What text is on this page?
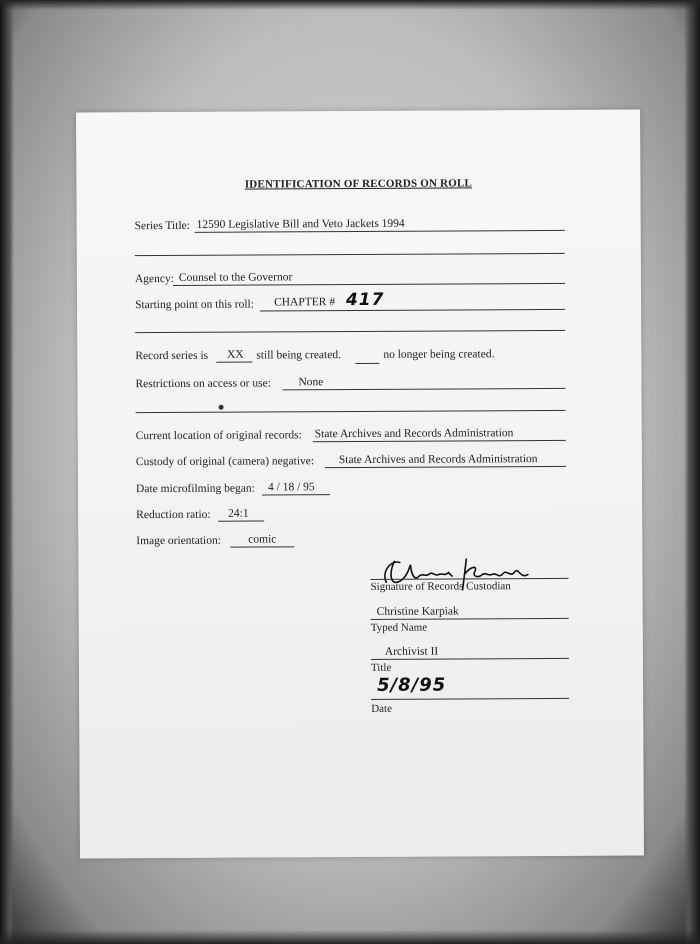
IDENTIFICATION OF RECORDS ON ROLL
Series Title: 12590 Legislative Bill and Veto Jackets 1994
Agency: Counsel to the Governor
Starting point on this roll:	CHAPTER # 417
Record series is	XX	still being created.	no longer being created.
Restrictions on access or use:	None
Current location of original records: State Archives and Records Administration
Custody of original (camera) negative:	State Archives and Records Administration
Date microfilming began:	4 / 18 / 95
Reduction ratio:	24:1
Image orientation:	comic
Signature of Records Custodian
Christine Karpiak
Typed Name
Archivist II
Title
5/8/95
Date
